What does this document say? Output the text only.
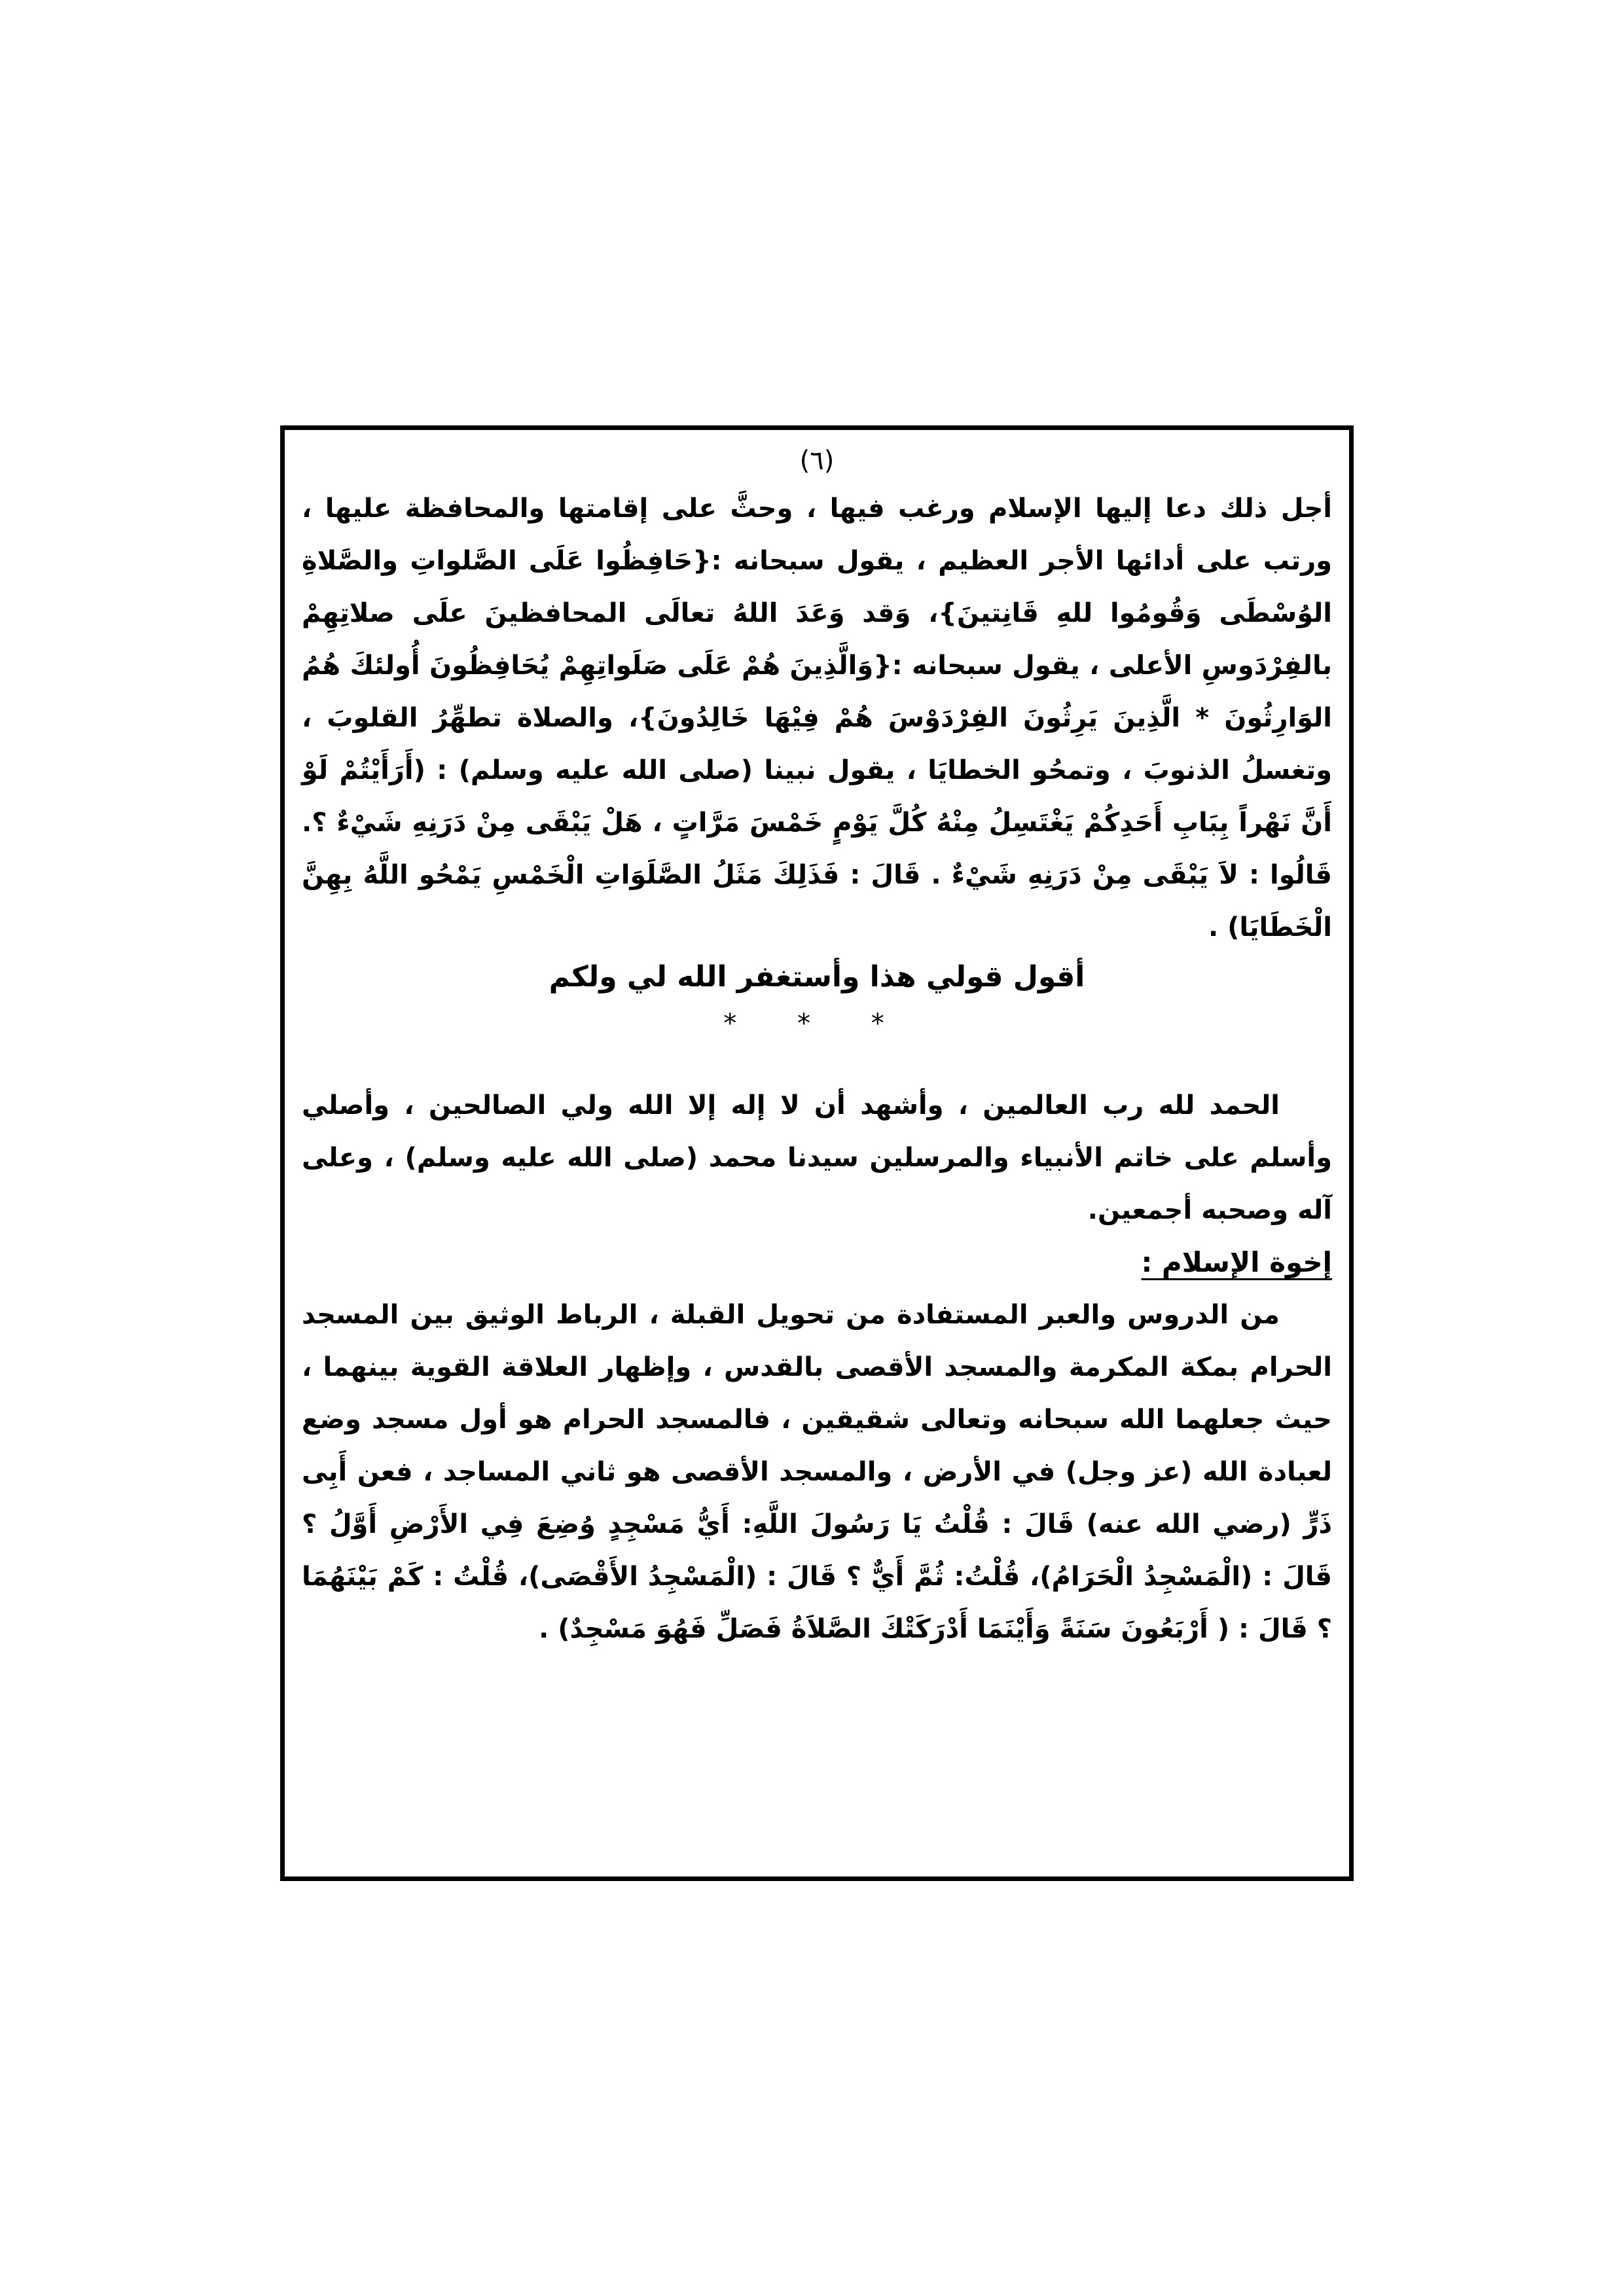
(٦)

أجل ذلك دعا إليها الإسلام ورغب فيها ، وحثَّ على إقامتها والمحافظة عليها ، ورتب على أدائها الأجر العظيم ، يقول سبحانه :{حَافِظُوا عَلَى الصَّلواتِ والصَّلاةِ الوُسْطَى وَقُومُوا للهِ قَانِتينَ}، وَقد وَعَدَ اللهُ تعالَى المحافظينَ علَى صلاتِهِمْ بالفِرْدَوسِ الأعلى ، يقول سبحانه :{وَالَّذِينَ هُمْ عَلَى صَلَواتِهِمْ يُحَافِظُونَ أُولئكَ هُمُ الوَارِثُونَ * الَّذِينَ يَرِثُونَ الفِرْدَوْسَ هُمْ فِيْهَا خَالِدُونَ}، والصلاة تطهِّرُ القلوبَ ، وتغسلُ الذنوبَ ، وتمحُو الخطايَا ، يقول نبينا (صلى الله عليه وسلم) : (أَرَأَيْتُمْ لَوْ أَنَّ نَهْراً بِبَابِ أَحَدِكُمْ يَغْتَسِلُ مِنْهُ كُلَّ يَوْمٍ خَمْسَ مَرَّاتٍ ، هَلْ يَبْقَى مِنْ دَرَنِهِ شَيْءٌ ؟. قَالُوا : لاَ يَبْقَى مِنْ دَرَنِهِ شَيْءٌ . قَالَ : فَذَلِكَ مَثَلُ الصَّلَوَاتِ الْخَمْسِ يَمْحُو اللَّهُ بِهِنَّ الْخَطَايَا) .

أقول قولي هذا وأستغفر الله لي ولكم
* * *

الحمد لله رب العالمين ، وأشهد أن لا إله إلا الله ولي الصالحين ، وأصلي وأسلم على خاتم الأنبياء والمرسلين سيدنا محمد (صلى الله عليه وسلم) ، وعلى آله وصحبه أجمعين.

إخوة الإسلام :

من الدروس والعبر المستفادة من تحويل القبلة ، الرباط الوثيق بين المسجد الحرام بمكة المكرمة والمسجد الأقصى بالقدس ، وإظهار العلاقة القوية بينهما ، حيث جعلهما الله سبحانه وتعالى شقيقين ، فالمسجد الحرام هو أول مسجد وضع لعبادة الله (عز وجل) في الأرض ، والمسجد الأقصى هو ثاني المساجد ، فعن أَبِى ذَرٍّ (رضي الله عنه) قَالَ : قُلْتُ يَا رَسُولَ اللَّهِ: أَيُّ مَسْجِدٍ وُضِعَ فِي الأَرْضِ أَوَّلُ ؟ قَالَ : (الْمَسْجِدُ الْحَرَامُ)، قُلْتُ: ثُمَّ أَيٌّ ؟ قَالَ : (الْمَسْجِدُ الأَقْصَى)، قُلْتُ : كَمْ بَيْنَهُمَا ؟ قَالَ : ( أَرْبَعُونَ سَنَةً وَأَيْنَمَا أَدْرَكَتْكَ الصَّلاَةُ فَصَلِّ فَهُوَ مَسْجِدٌ) .
